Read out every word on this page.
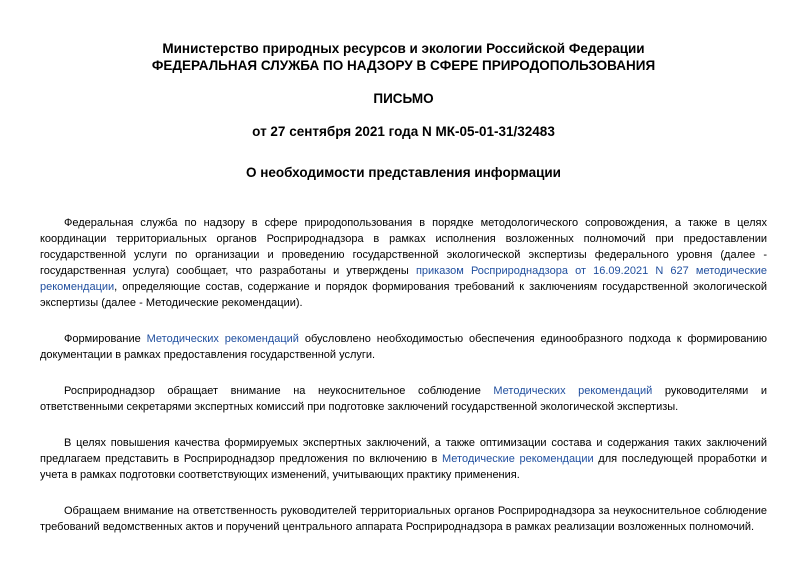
Министерство природных ресурсов и экологии Российской Федерации
ФЕДЕРАЛЬНАЯ СЛУЖБА ПО НАДЗОРУ В СФЕРЕ ПРИРОДОПОЛЬЗОВАНИЯ
ПИСЬМО
от 27 сентября 2021 года N МК-05-01-31/32483
О необходимости представления информации

Федеральная служба по надзору в сфере природопользования в порядке методологического сопровождения, а также в целях координации территориальных органов Росприроднадзора в рамках исполнения возложенных полномочий при предоставлении государственной услуги по организации и проведению государственной экологической экспертизы федерального уровня (далее - государственная услуга) сообщает, что разработаны и утверждены приказом Росприроднадзора от 16.09.2021 N 627 методические рекомендации, определяющие состав, содержание и порядок формирования требований к заключениям государственной экологической экспертизы (далее - Методические рекомендации).

Формирование Методических рекомендаций обусловлено необходимостью обеспечения единообразного подхода к формированию документации в рамках предоставления государственной услуги.

Росприроднадзор обращает внимание на неукоснительное соблюдение Методических рекомендаций руководителями и ответственными секретарями экспертных комиссий при подготовке заключений государственной экологической экспертизы.

В целях повышения качества формируемых экспертных заключений, а также оптимизации состава и содержания таких заключений предлагаем представить в Росприроднадзор предложения по включению в Методические рекомендации для последующей проработки и учета в рамках подготовки соответствующих изменений, учитывающих практику применения.

Обращаем внимание на ответственность руководителей территориальных органов Росприроднадзора за неукоснительное соблюдение требований ведомственных актов и поручений центрального аппарата Росприроднадзора в рамках реализации возложенных полномочий.
